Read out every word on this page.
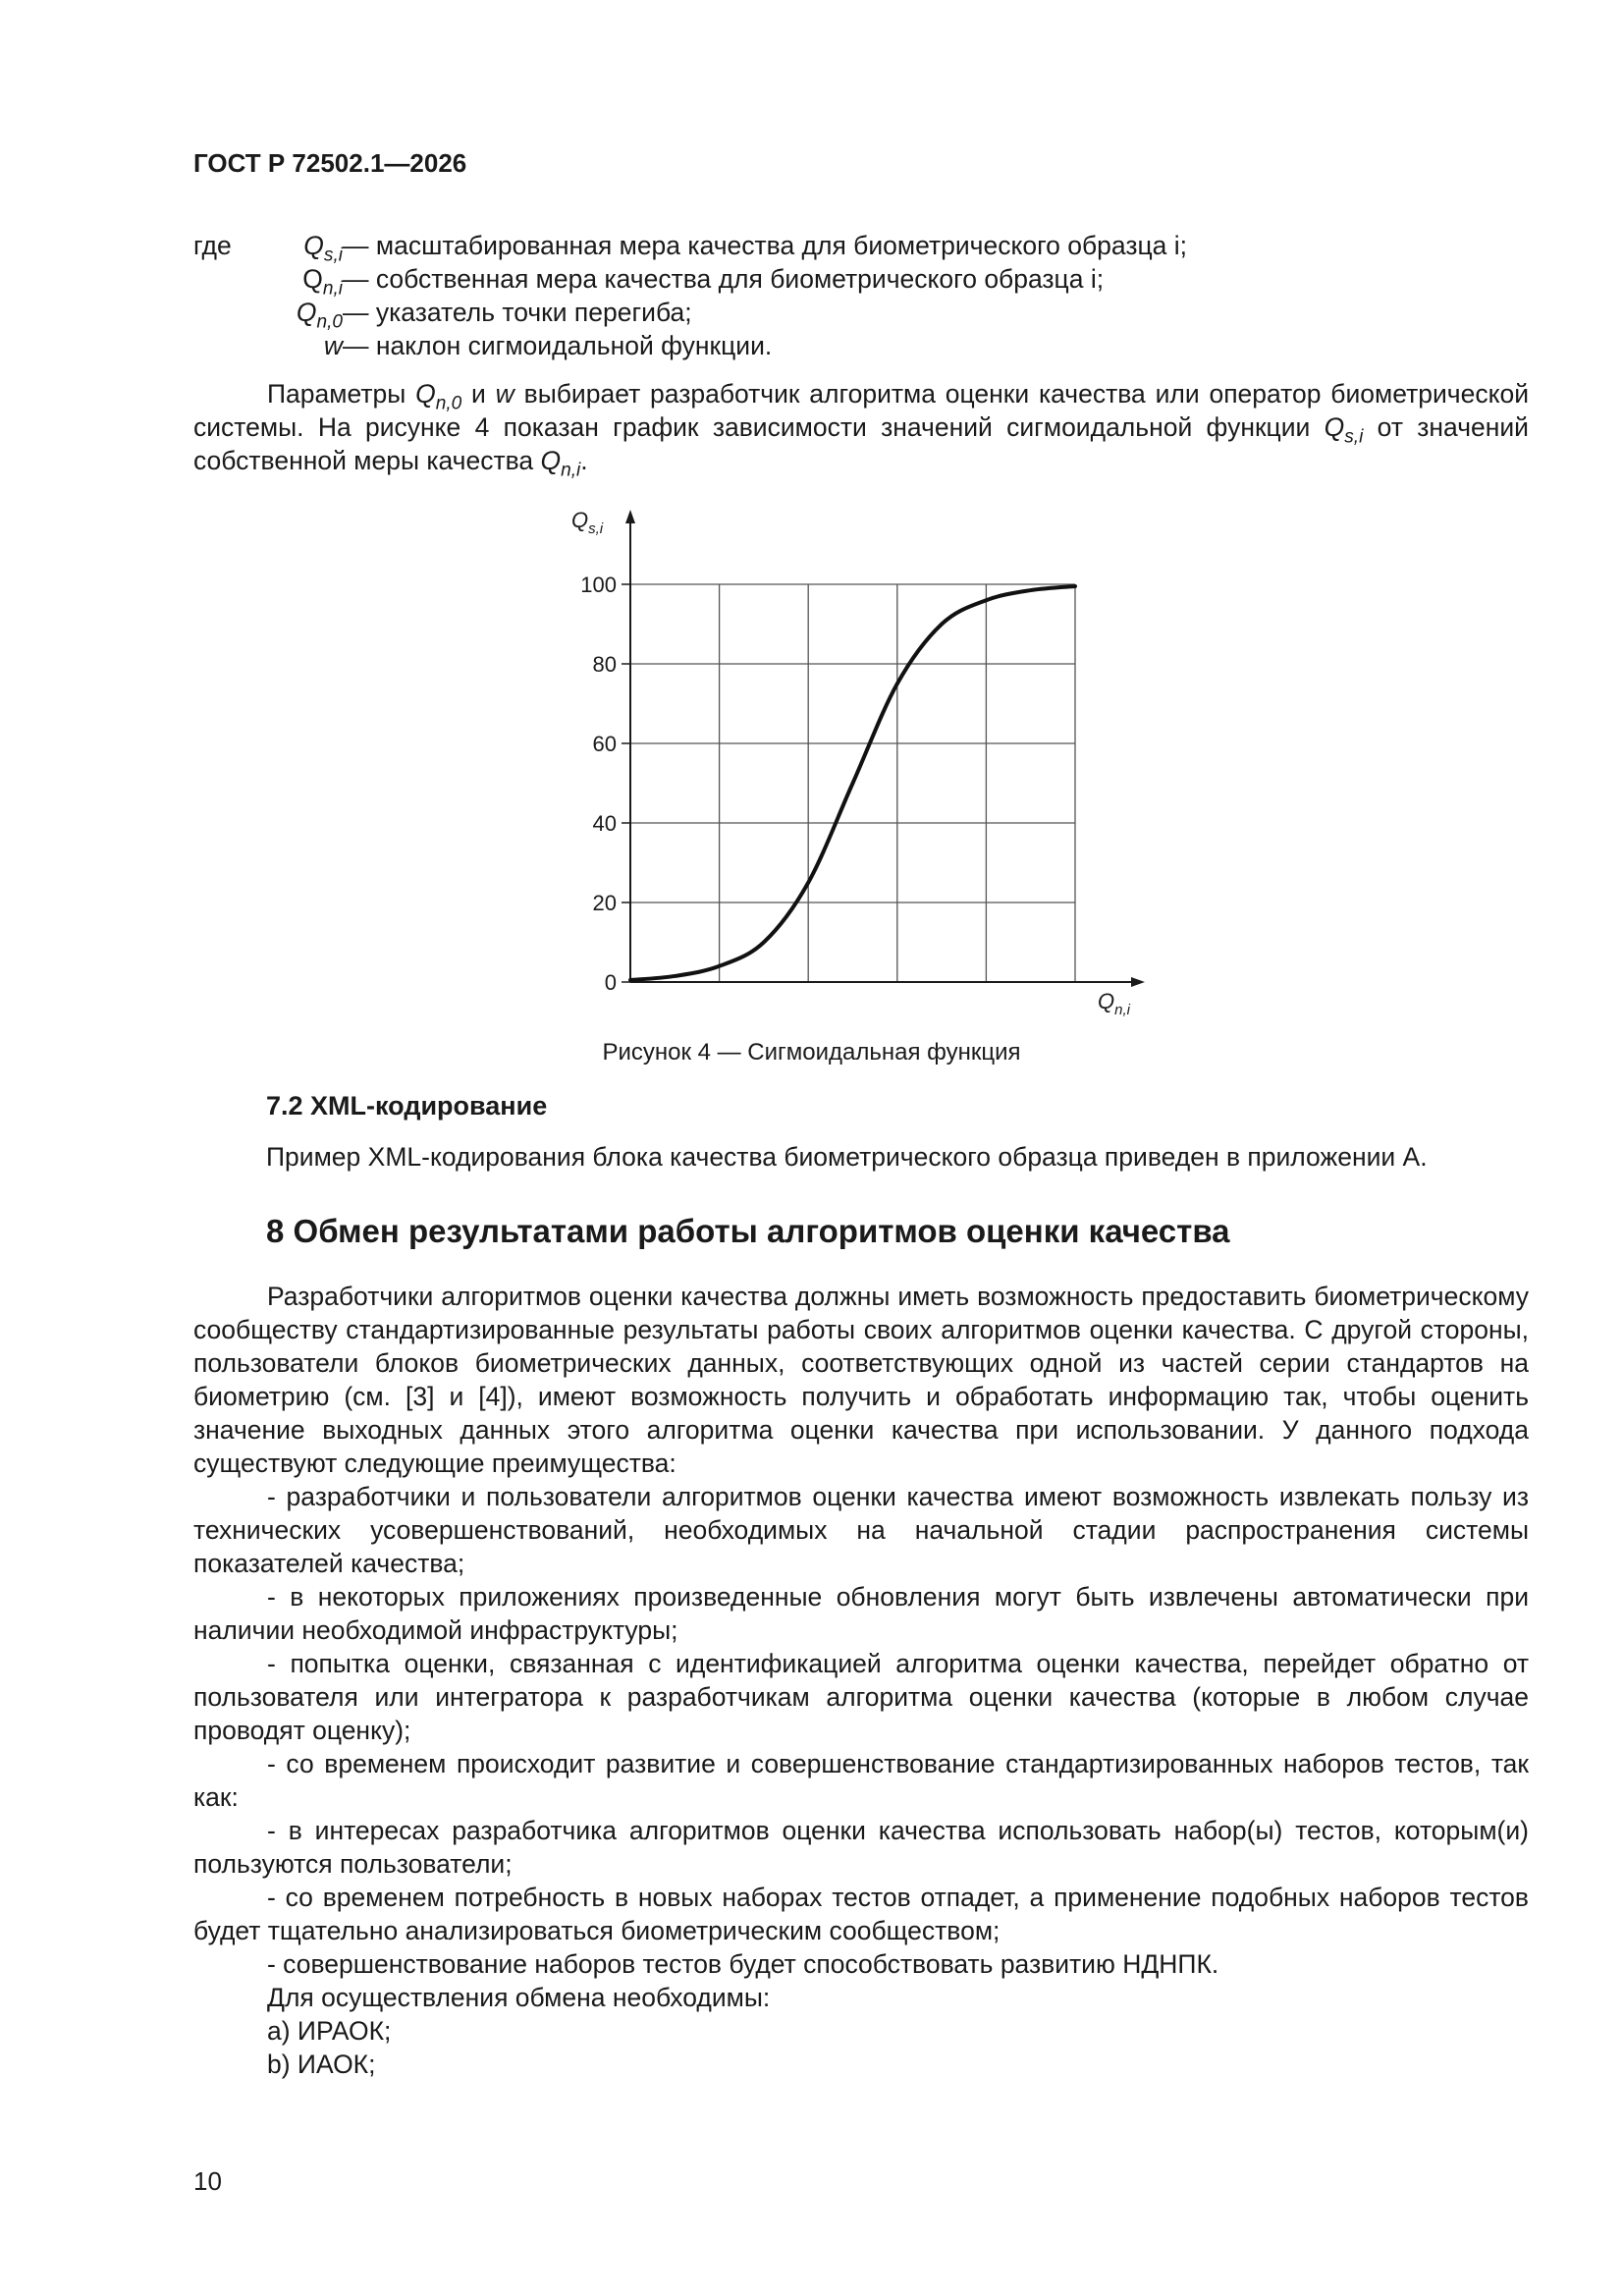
ГОСТ Р 72502.1—2026
где	$Q_{s,i}$ — масштабированная мера качества для биометрического образца i;
$Q_{n,i}$ — собственная мера качества для биометрического образца i;
$Q_{n,0}$ — указатель точки перегиба;
w — наклон сигмоидальной функции.

Параметры $Q_{n,0}$ и w выбирает разработчик алгоритма оценки качества или оператор биометрической системы. На рисунке 4 показан график зависимости значений сигмоидальной функции $Q_{s,i}$ от значений собственной меры качества $Q_{n,i}$.

0
20
40
60
80
100
$Q_{s,i}$
$Q_{n,i}$
Рисунок 4 — Сигмоидальная функция
7.2 XML-кодирование
Пример XML-кодирования блока качества биометрического образца приведен в приложении А.
8 Обмен результатами работы алгоритмов оценки качества

Разработчики алгоритмов оценки качества должны иметь возможность предоставить биометрическому сообществу стандартизированные результаты работы своих алгоритмов оценки качества. С другой стороны, пользователи блоков биометрических данных, соответствующих одной из частей серии стандартов на биометрию (см. [3] и [4]), имеют возможность получить и обработать информацию так, чтобы оценить значение выходных данных этого алгоритма оценки качества при использовании. У данного подхода существуют следующие преимущества:

- разработчики и пользователи алгоритмов оценки качества имеют возможность извлекать пользу из технических усовершенствований, необходимых на начальной стадии распространения системы показателей качества;

- в некоторых приложениях произведенные обновления могут быть извлечены автоматически при наличии необходимой инфраструктуры;

- попытка оценки, связанная с идентификацией алгоритма оценки качества, перейдет обратно от пользователя или интегратора к разработчикам алгоритма оценки качества (которые в любом случае проводят оценку);

- со временем происходит развитие и совершенствование стандартизированных наборов тестов, так как:

- в интересах разработчика алгоритмов оценки качества использовать набор(ы) тестов, которым(и) пользуются пользователи;

- со временем потребность в новых наборах тестов отпадет, а применение подобных наборов тестов будет тщательно анализироваться биометрическим сообществом;

- совершенствование наборов тестов будет способствовать развитию НДНПК.

Для осуществления обмена необходимы:

a) ИРАОК;

b) ИАОК;

10
